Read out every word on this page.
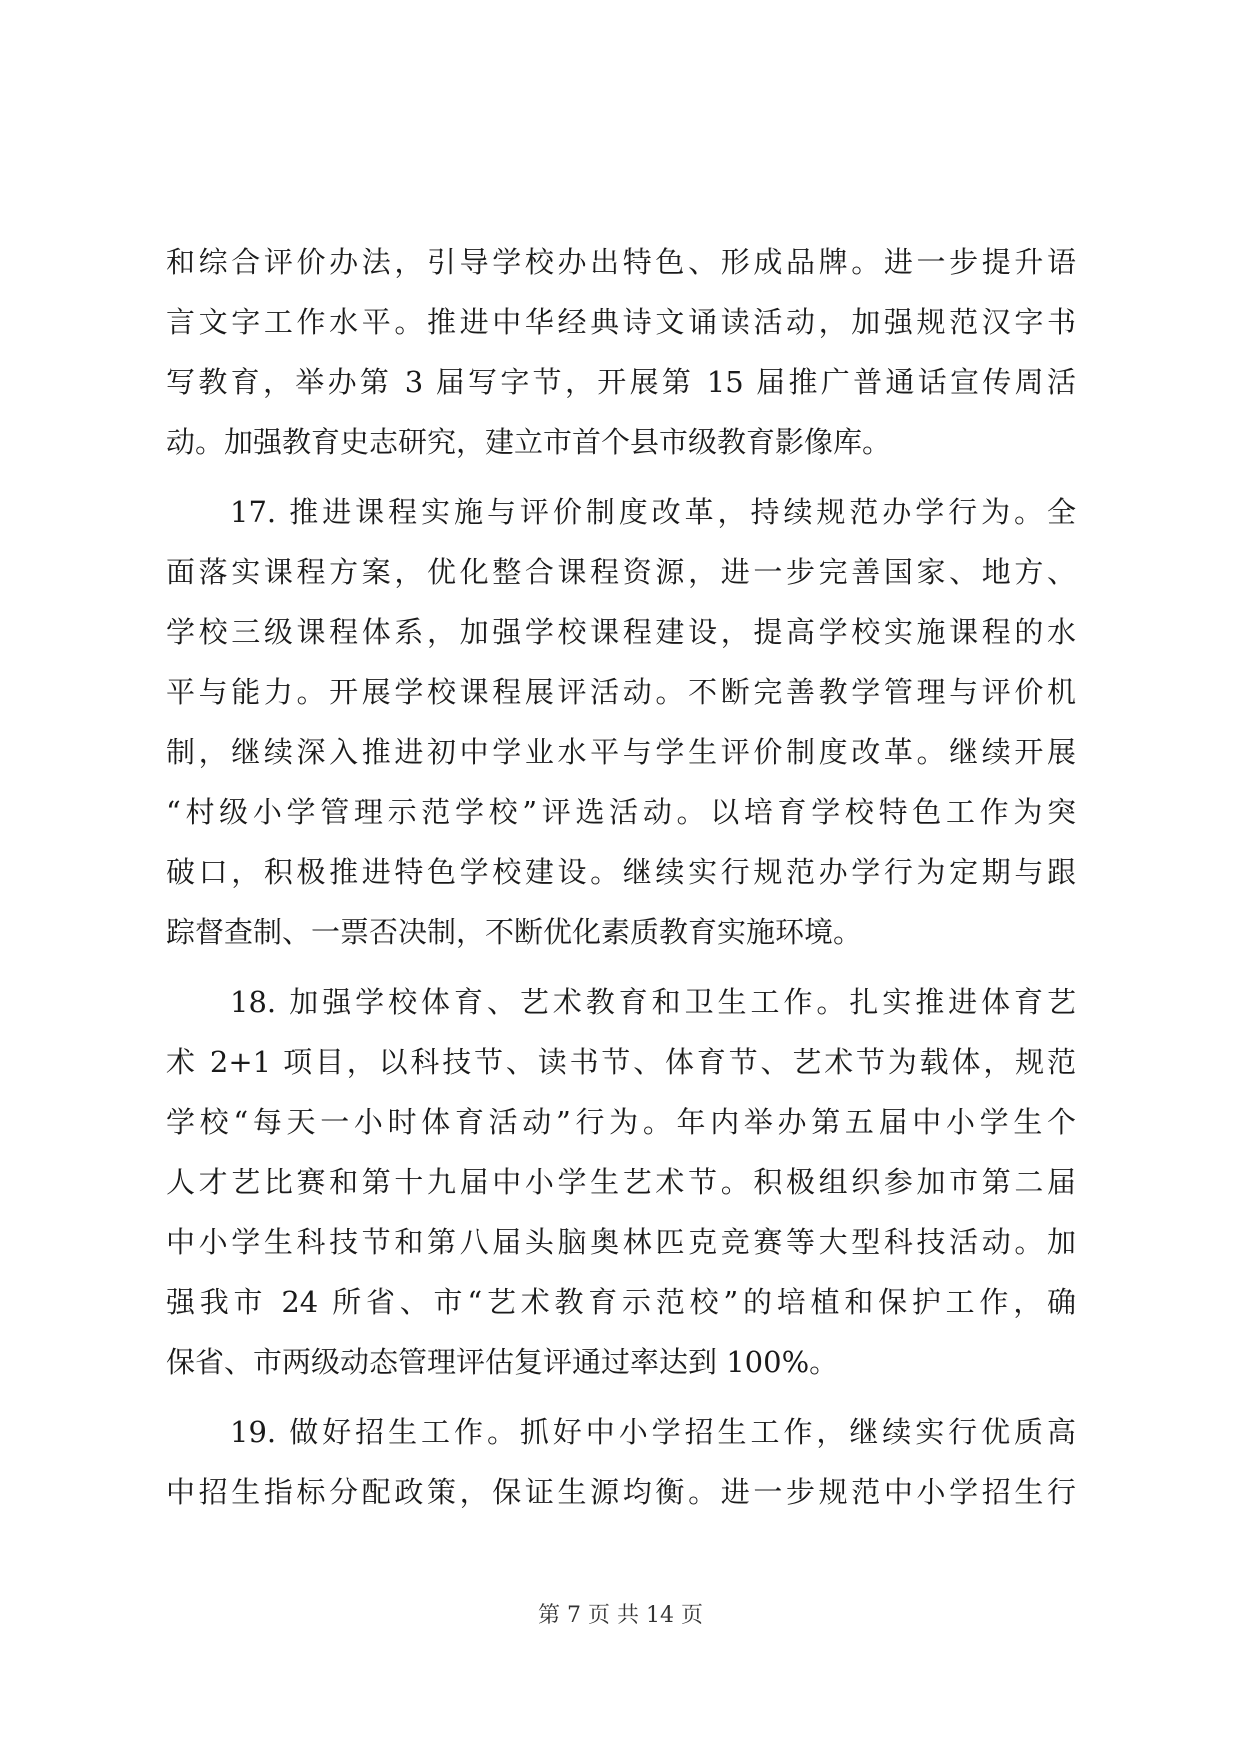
和综合评价办法，引导学校办出特色、形成品牌。进一步提升语
言文字工作水平。推进中华经典诗文诵读活动，加强规范汉字书
写教育，举办第 3 届写字节，开展第 15 届推广普通话宣传周活
动。加强教育史志研究，建立市首个县市级教育影像库。
17. 推进课程实施与评价制度改革，持续规范办学行为。全
面落实课程方案，优化整合课程资源，进一步完善国家、地方、
学校三级课程体系，加强学校课程建设，提高学校实施课程的水
平与能力。开展学校课程展评活动。不断完善教学管理与评价机
制，继续深入推进初中学业水平与学生评价制度改革。继续开展
“村级小学管理示范学校”评选活动。以培育学校特色工作为突
破口，积极推进特色学校建设。继续实行规范办学行为定期与跟
踪督查制、一票否决制，不断优化素质教育实施环境。
18. 加强学校体育、艺术教育和卫生工作。扎实推进体育艺
术 2+1 项目，以科技节、读书节、体育节、艺术节为载体，规范
学校“每天一小时体育活动”行为。年内举办第五届中小学生个
人才艺比赛和第十九届中小学生艺术节。积极组织参加市第二届
中小学生科技节和第八届头脑奥林匹克竞赛等大型科技活动。加
强我市 24 所省、市“艺术教育示范校”的培植和保护工作，确
保省、市两级动态管理评估复评通过率达到 100%。
19. 做好招生工作。抓好中小学招生工作，继续实行优质高
中招生指标分配政策，保证生源均衡。进一步规范中小学招生行
第 7 页 共 14 页
